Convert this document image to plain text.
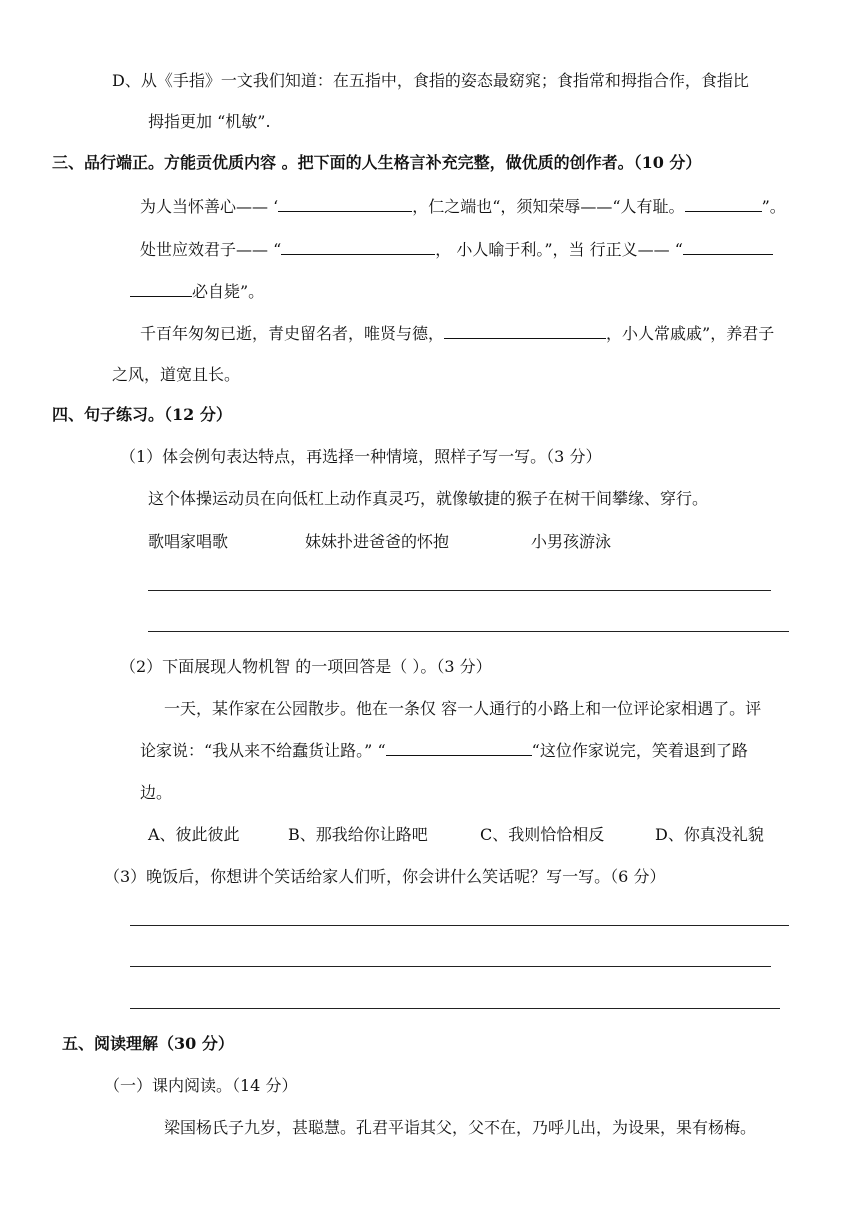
D、从《手指》一文我们知道：在五指中，食指的姿态最窈窕；食指常和拇指合作，食指比
拇指更加 “机敏”.
三、品行端正。方能贡优质内容 。把下面的人生格言补充完整，做优质的创作者。（10 分）
为人当怀善心—— ‘	，仁之端也“，须知荣辱——“人有耻。	”。
处世应效君子—— “	， 小人喻于利。”，当 行正义—— “
必自毙”。
千百年匆匆已逝，青史留名者，唯贤与德，	，小人常戚戚”，养君子
之风，道宽且长。
四、句子练习。（12 分）
（1）体会例句表达特点，再选择一种情境，照样子写一写。（3 分）
这个体操运动员在向低杠上动作真灵巧，就像敏捷的猴子在树干间攀缘、穿行。
歌唱家唱歌	妹妹扑进爸爸的怀抱	小男孩游泳
（2）下面展现人物机智 的一项回答是（ ）。（3 分）
一天，某作家在公园散步。他在一条仅 容一人通行的小路上和一位评论家相遇了。评
论家说：“我从来不给蠢货让路。” “	“这位作家说完，笑着退到了路
边。
A、彼此彼此	B、那我给你让路吧	C、我则恰恰相反	D、你真没礼貌
（3）晚饭后，你想讲个笑话给家人们听，你会讲什么笑话呢？写一写。（6 分）
五、阅读理解（30 分）
（一）课内阅读。（14 分）
梁国杨氏子九岁，甚聪慧。孔君平诣其父，父不在，乃呼儿出，为设果，果有杨梅。
